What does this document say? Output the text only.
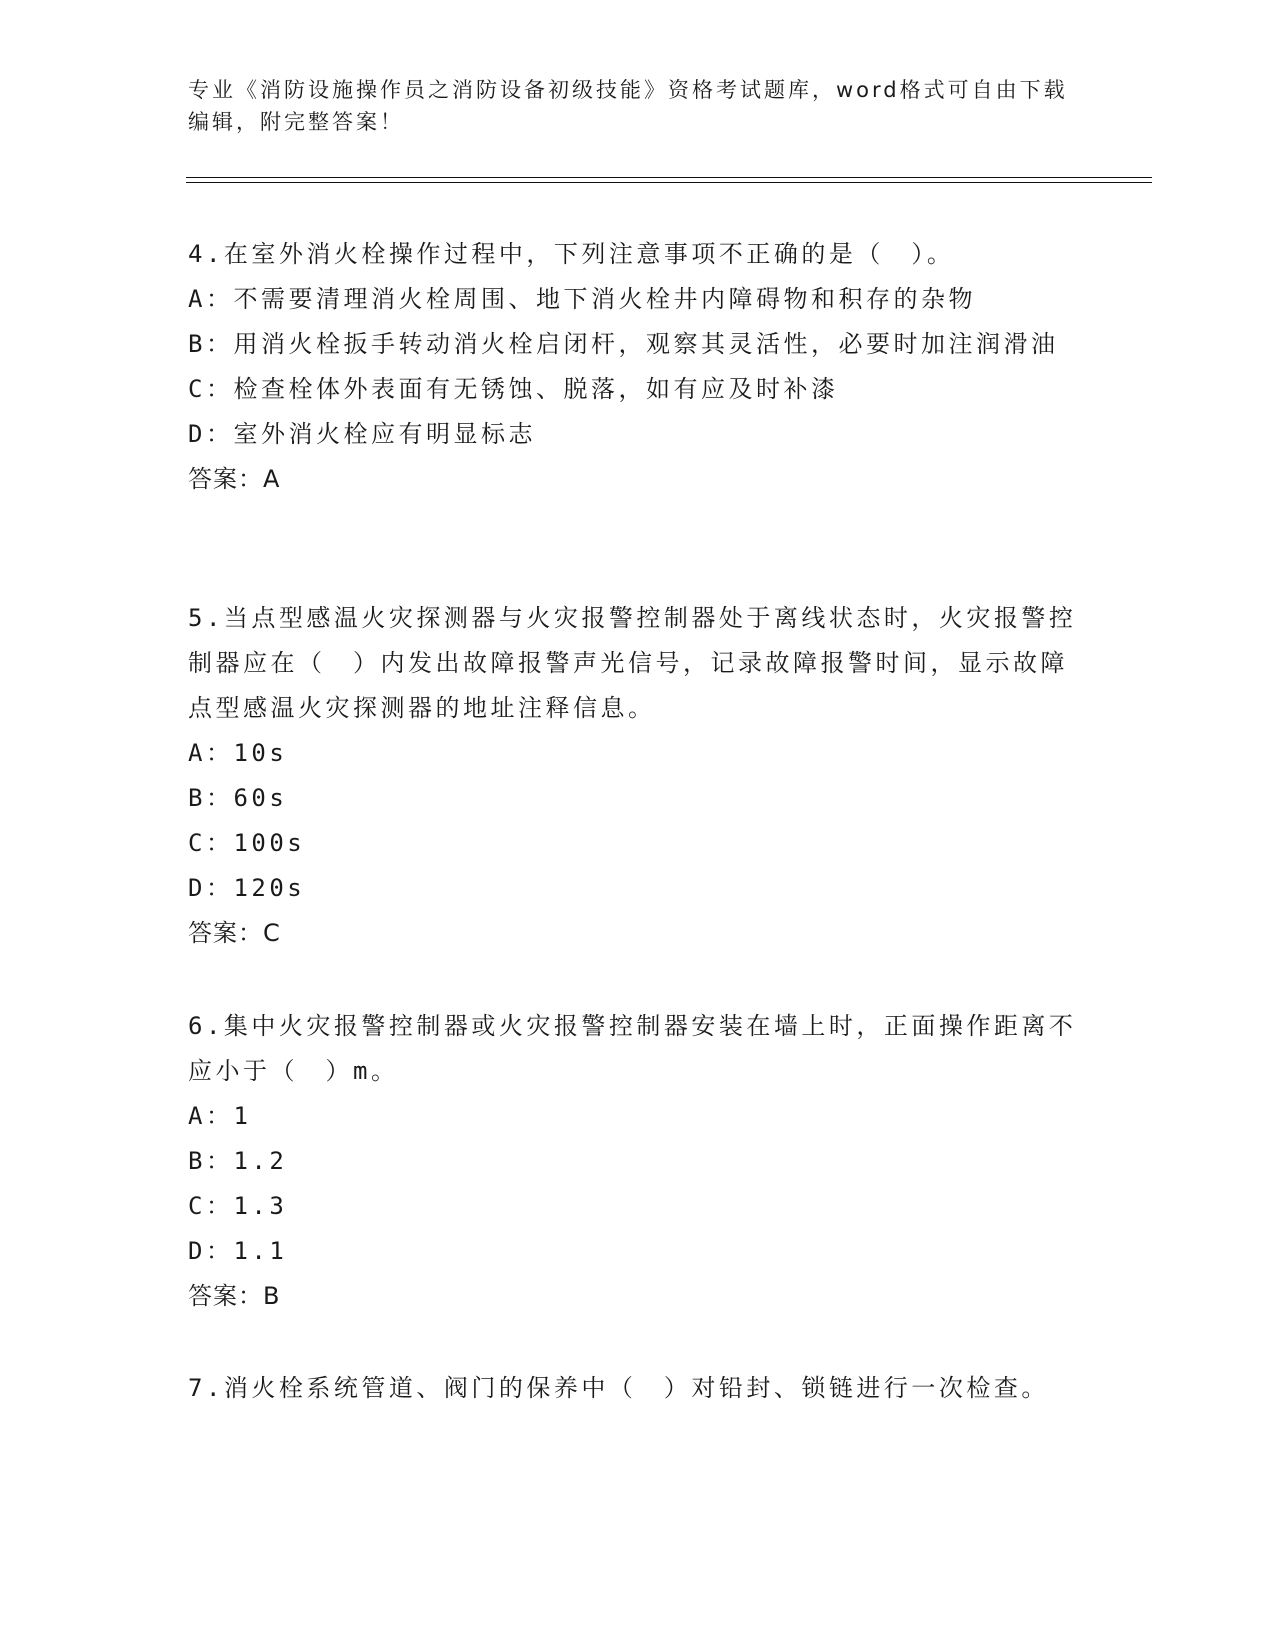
专业《消防设施操作员之消防设备初级技能》资格考试题库，word格式可自由下载编辑，附完整答案！

4.在室外消火栓操作过程中，下列注意事项不正确的是（　）。

A：不需要清理消火栓周围、地下消火栓井内障碍物和积存的杂物

B：用消火栓扳手转动消火栓启闭杆，观察其灵活性，必要时加注润滑油

C：检查栓体外表面有无锈蚀、脱落，如有应及时补漆

D：室外消火栓应有明显标志

答案：A

5.当点型感温火灾探测器与火灾报警控制器处于离线状态时，火灾报警控制器应在（　）内发出故障报警声光信号，记录故障报警时间，显示故障点型感温火灾探测器的地址注释信息。

A：10s

B：60s

C：100s

D：120s

答案：C

6.集中火灾报警控制器或火灾报警控制器安装在墙上时，正面操作距离不应小于（　）m。

A：1

B：1.2

C：1.3

D：1.1

答案：B

7.消火栓系统管道、阀门的保养中（　）对铅封、锁链进行一次检查。
